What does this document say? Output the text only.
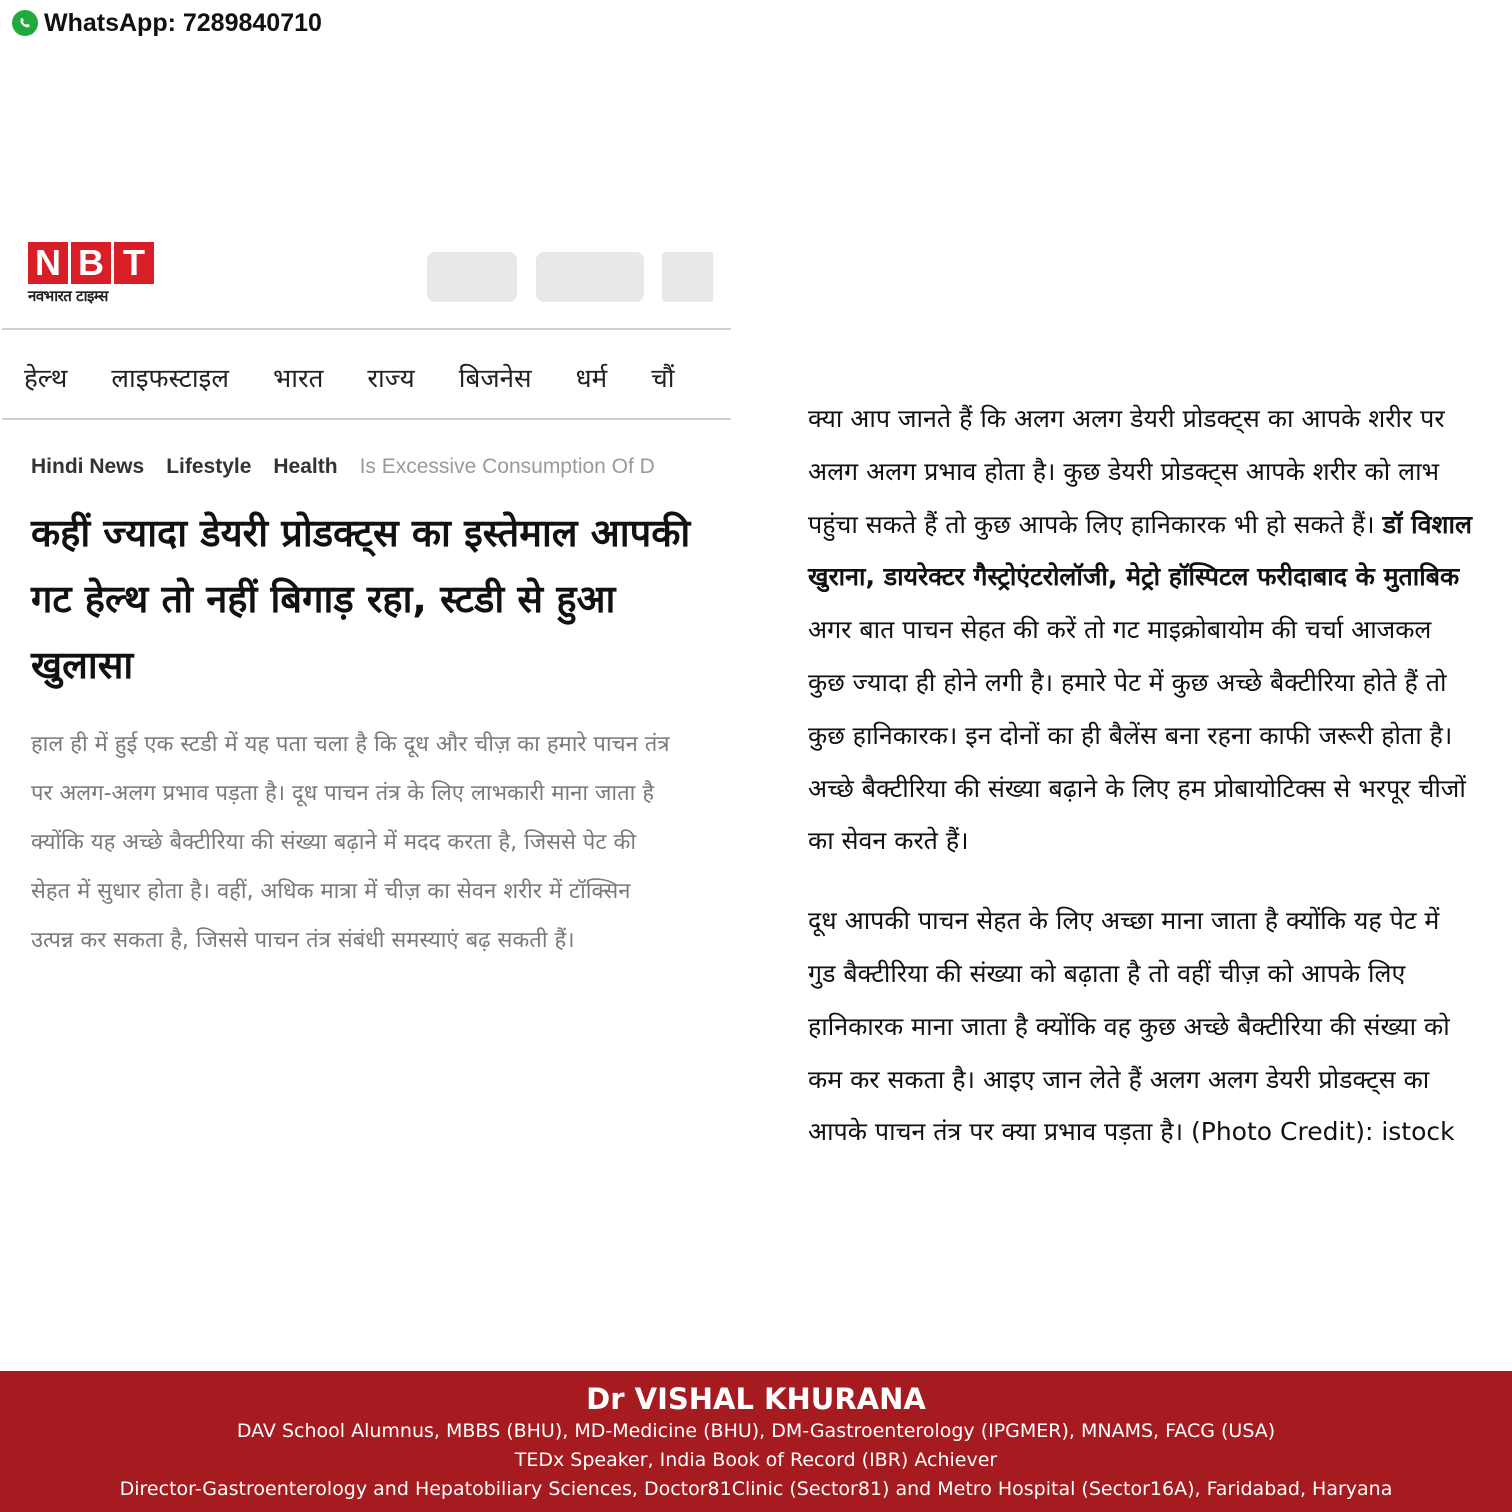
WhatsApp: 7289840710
N B T
नवभारत टाइम्स
हेल्थ लाइफस्टाइल भारत राज्य बिजनेस धर्म चौं
Hindi News Lifestyle Health Is Excessive Consumption Of D
कहीं ज्यादा डेयरी प्रोडक्ट्स का इस्तेमाल आपकी गट हेल्थ तो नहीं बिगाड़ रहा, स्टडी से हुआ खुलासा

हाल ही में हुई एक स्टडी में यह पता चला है कि दूध और चीज़ का हमारे पाचन तंत्र पर अलग-अलग प्रभाव पड़ता है। दूध पाचन तंत्र के लिए लाभकारी माना जाता है क्योंकि यह अच्छे बैक्टीरिया की संख्या बढ़ाने में मदद करता है, जिससे पेट की सेहत में सुधार होता है। वहीं, अधिक मात्रा में चीज़ का सेवन शरीर में टॉक्सिन उत्पन्न कर सकता है, जिससे पाचन तंत्र संबंधी समस्याएं बढ़ सकती हैं।

क्या आप जानते हैं कि अलग अलग डेयरी प्रोडक्ट्स का आपके शरीर पर अलग अलग प्रभाव होता है। कुछ डेयरी प्रोडक्ट्स आपके शरीर को लाभ पहुंचा सकते हैं तो कुछ आपके लिए हानिकारक भी हो सकते हैं। डॉ विशाल खुराना, डायरेक्टर गैस्ट्रोएंटरोलॉजी, मेट्रो हॉस्पिटल फरीदाबाद के मुताबिक अगर बात पाचन सेहत की करें तो गट माइक्रोबायोम की चर्चा आजकल कुछ ज्यादा ही होने लगी है। हमारे पेट में कुछ अच्छे बैक्टीरिया होते हैं तो कुछ हानिकारक। इन दोनों का ही बैलेंस बना रहना काफी जरूरी होता है। अच्छे बैक्टीरिया की संख्या बढ़ाने के लिए हम प्रोबायोटिक्स से भरपूर चीजों का सेवन करते हैं।

दूध आपकी पाचन सेहत के लिए अच्छा माना जाता है क्योंकि यह पेट में गुड बैक्टीरिया की संख्या को बढ़ाता है तो वहीं चीज़ को आपके लिए हानिकारक माना जाता है क्योंकि वह कुछ अच्छे बैक्टीरिया की संख्या को कम कर सकता है। आइए जान लेते हैं अलग अलग डेयरी प्रोडक्ट्स का आपके पाचन तंत्र पर क्या प्रभाव पड़ता है। (Photo Credit): istock

Dr VISHAL KHURANA
DAV School Alumnus, MBBS (BHU), MD-Medicine (BHU), DM-Gastroenterology (IPGMER), MNAMS, FACG (USA)
TEDx Speaker, India Book of Record (IBR) Achiever
Director-Gastroenterology and Hepatobiliary Sciences, Doctor81Clinic (Sector81) and Metro Hospital (Sector16A), Faridabad, Haryana
